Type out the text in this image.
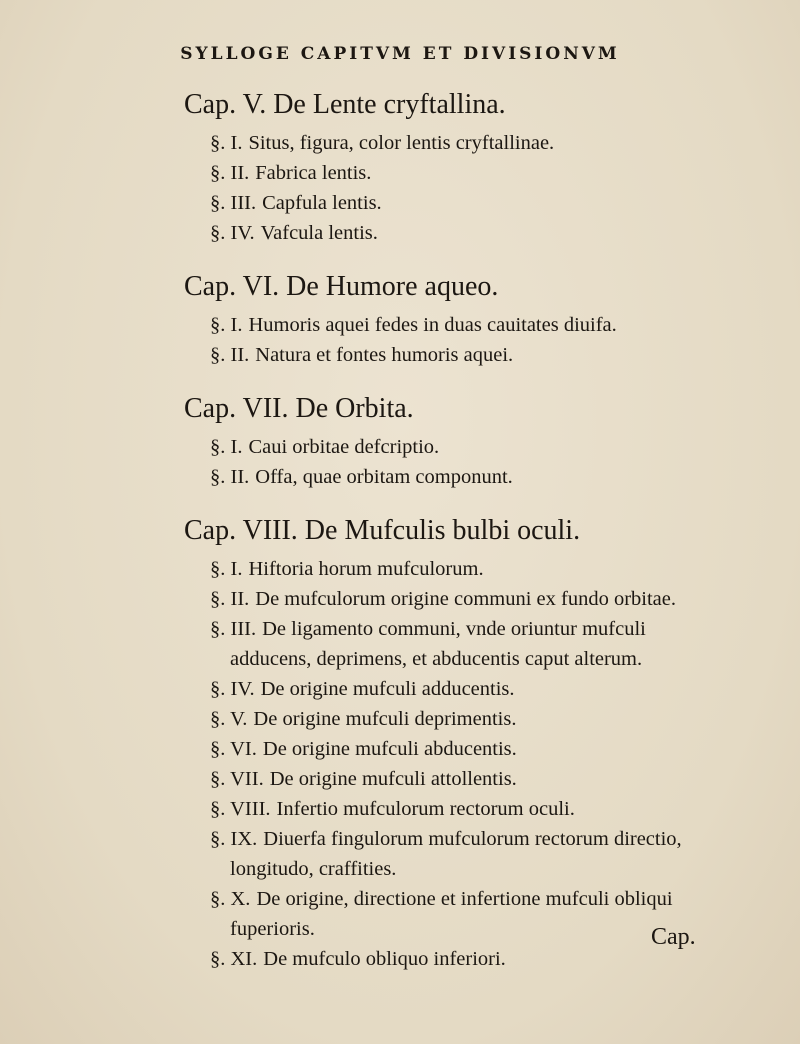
SYLLOGE CAPITVM ET DIVISIONVM
Cap. V. De Lente cryftallina.
§. I. Situs, figura, color lentis cryftallinae.
§. II. Fabrica lentis.
§. III. Capfula lentis.
§. IV. Vafcula lentis.
Cap. VI. De Humore aqueo.
§. I. Humoris aquei fedes in duas cauitates diuifa.
§. II. Natura et fontes humoris aquei.
Cap. VII. De Orbita.
§. I. Caui orbitae defcriptio.
§. II. Offa, quae orbitam componunt.
Cap. VIII. De Mufculis bulbi oculi.
§. I. Hiftoria horum mufculorum.
§. II. De mufculorum origine communi ex fundo orbitae.
§. III. De ligamento communi, vnde oriuntur mufculi adducens, deprimens, et abducentis caput alterum.
§. IV. De origine mufculi adducentis.
§. V. De origine mufculi deprimentis.
§. VI. De origine mufculi abducentis.
§. VII. De origine mufculi attollentis.
§. VIII. Infertio mufculorum rectorum oculi.
§. IX. Diuerfa fingulorum mufculorum rectorum directio, longitudo, craffities.
§. X. De origine, directione et infertione mufculi obliqui fuperioris.
§. XI. De mufculo obliquo inferiori.
Cap.
